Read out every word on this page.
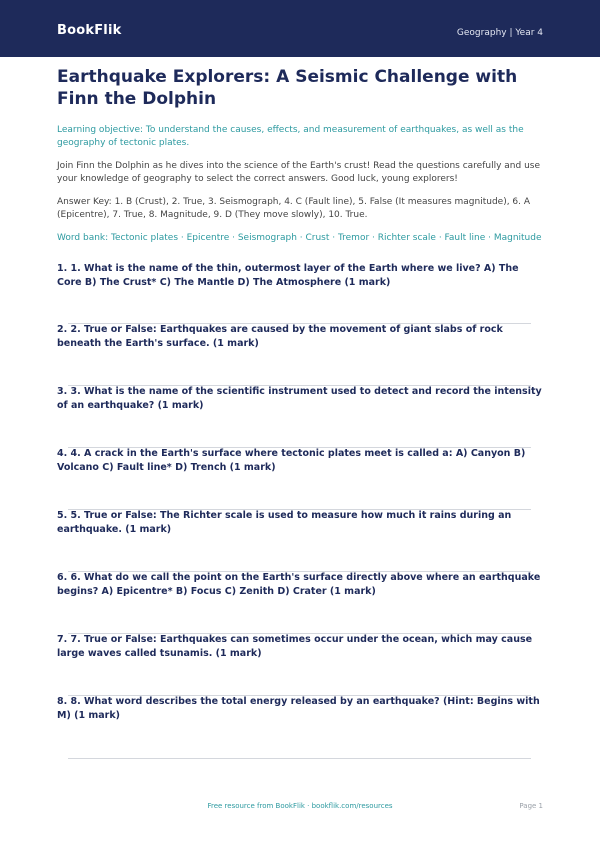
BookFlik	Geography | Year 4
Earthquake Explorers: A Seismic Challenge with Finn the Dolphin
Learning objective: To understand the causes, effects, and measurement of earthquakes, as well as the geography of tectonic plates.
Join Finn the Dolphin as he dives into the science of the Earth's crust! Read the questions carefully and use your knowledge of geography to select the correct answers. Good luck, young explorers!
Answer Key: 1. B (Crust), 2. True, 3. Seismograph, 4. C (Fault line), 5. False (It measures magnitude), 6. A (Epicentre), 7. True, 8. Magnitude, 9. D (They move slowly), 10. True.
Word bank: Tectonic plates · Epicentre · Seismograph · Crust · Tremor · Richter scale · Fault line · Magnitude
1. 1. What is the name of the thin, outermost layer of the Earth where we live? A) The Core B) The Crust* C) The Mantle D) The Atmosphere (1 mark)
2. 2. True or False: Earthquakes are caused by the movement of giant slabs of rock beneath the Earth's surface. (1 mark)
3. 3. What is the name of the scientific instrument used to detect and record the intensity of an earthquake? (1 mark)
4. 4. A crack in the Earth's surface where tectonic plates meet is called a: A) Canyon B) Volcano C) Fault line* D) Trench (1 mark)
5. 5. True or False: The Richter scale is used to measure how much it rains during an earthquake. (1 mark)
6. 6. What do we call the point on the Earth's surface directly above where an earthquake begins? A) Epicentre* B) Focus C) Zenith D) Crater (1 mark)
7. 7. True or False: Earthquakes can sometimes occur under the ocean, which may cause large waves called tsunamis. (1 mark)
8. 8. What word describes the total energy released by an earthquake? (Hint: Begins with M) (1 mark)
Free resource from BookFlik · bookflik.com/resources	Page 1
